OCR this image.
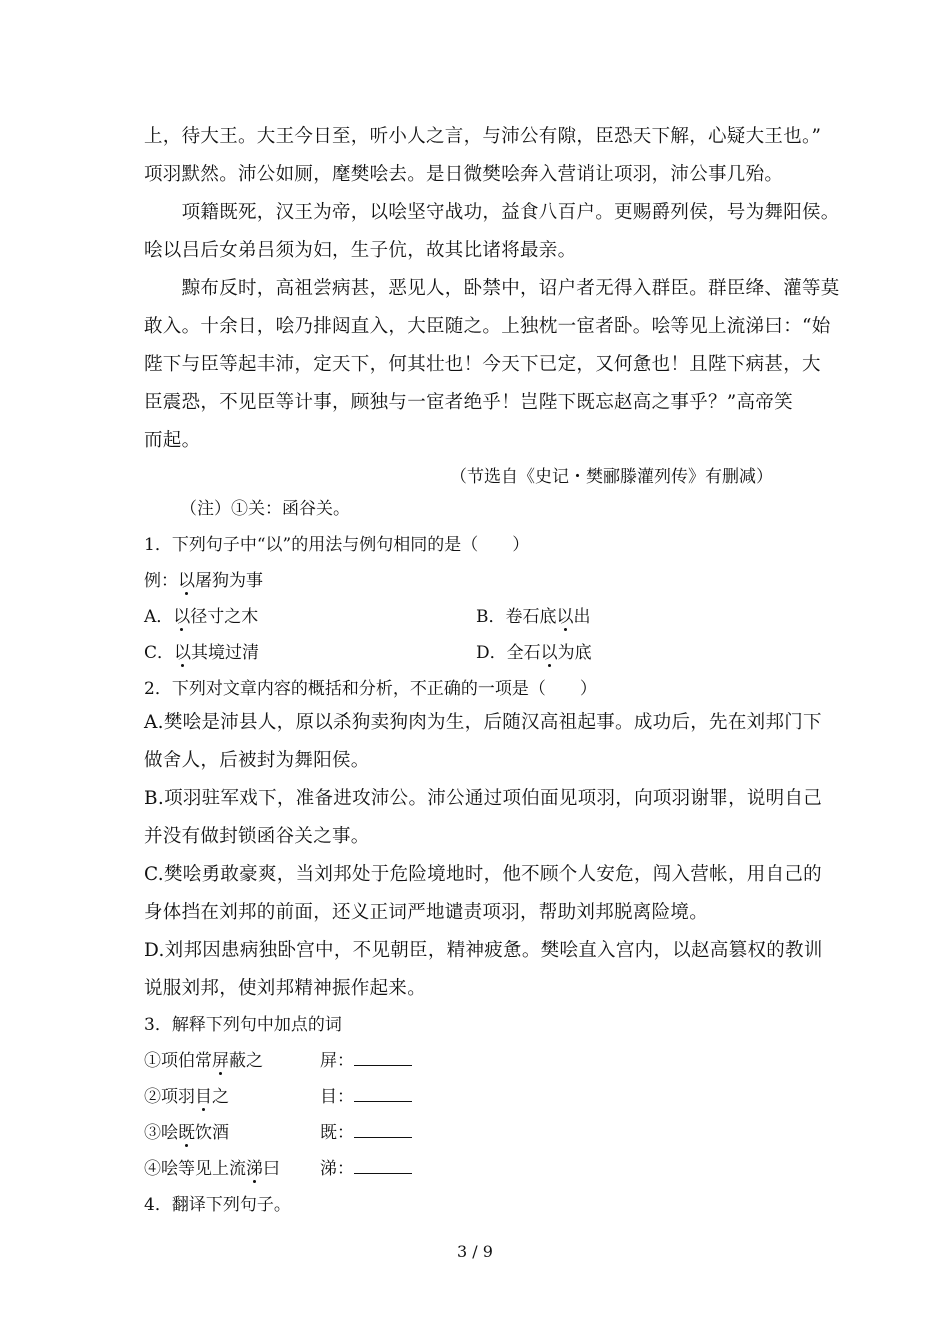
上，待大王。大王今日至，听小人之言，与沛公有隙，臣恐天下解，心疑大王也。”
项羽默然。沛公如厕，麾樊哙去。是日微樊哙奔入营诮让项羽，沛公事几殆。
　　项籍既死，汉王为帝，以哙坚守战功，益食八百户。更赐爵列侯，号为舞阳侯。
哙以吕后女弟吕须为妇，生子伉，故其比诸将最亲。
　　黥布反时，高祖尝病甚，恶见人，卧禁中，诏户者无得入群臣。群臣绛、灌等莫
敢入。十余日，哙乃排闼直入，大臣随之。上独枕一宦者卧。哙等见上流涕曰：“始
陛下与臣等起丰沛，定天下，何其壮也！今天下已定，又何惫也！且陛下病甚，大
臣震恐，不见臣等计事，顾独与一宦者绝乎！岂陛下既忘赵高之事乎？”高帝笑
而起。
（节选自《史记・樊郦滕灌列传》有删减）
（注）①关：函谷关。
1．下列句子中“以”的用法与例句相同的是（　　）
例：以屠狗为事
A．以径寸之木	B．卷石底以出
C．以其境过清	D．全石以为底
2．下列对文章内容的概括和分析，不正确的一项是（　　）
A.樊哙是沛县人，原以杀狗卖狗肉为生，后随汉高祖起事。成功后，先在刘邦门下
做舍人，后被封为舞阳侯。
B.项羽驻军戏下，准备进攻沛公。沛公通过项伯面见项羽，向项羽谢罪，说明自己
并没有做封锁函谷关之事。
C.樊哙勇敢豪爽，当刘邦处于危险境地时，他不顾个人安危，闯入营帐，用自己的
身体挡在刘邦的前面，还义正词严地谴责项羽，帮助刘邦脱离险境。
D.刘邦因患病独卧宫中，不见朝臣，精神疲惫。樊哙直入宫内，以赵高篡权的教训
说服刘邦，使刘邦精神振作起来。
3．解释下列句中加点的词
①项伯常屏蔽之	屏：
②项羽目之	目：
③哙既饮酒	既：
④哙等见上流涕曰 涕：
4．翻译下列句子。
3 / 9
